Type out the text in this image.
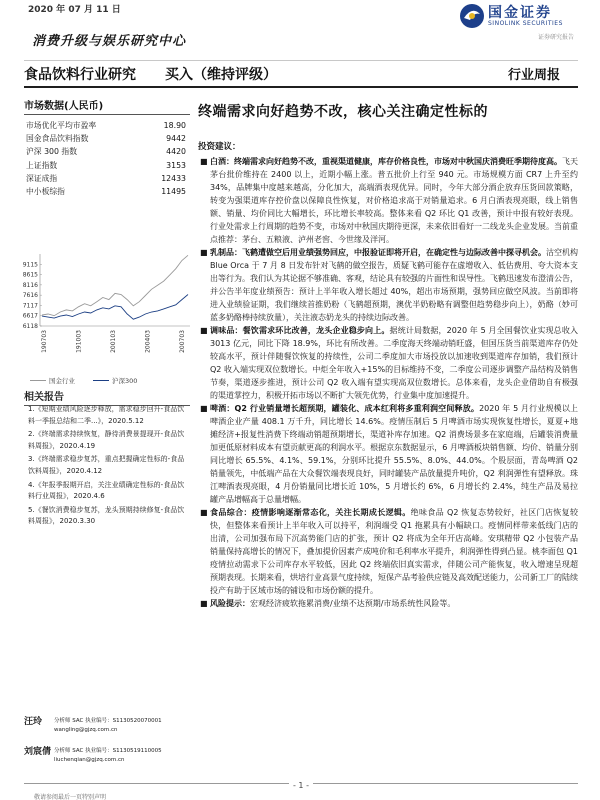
2020 年 07 月 11 日
消费升级与娱乐研究中心
国金证券
SINOLINK SECURITIES
证券研究报告
食品饮料行业研究 买入（维持评级）	行业周报
市场数据(人民币)
市场优化平均市盈率	18.90
国金食品饮料指数	9442
沪深 300 指数	4420
上证指数	3153
深证成指	12433
中小板综指	11495
9115
8615
8116
7616
7117
6617
6118
190703	191003	200103	200403	200703
国金行业	沪深300
相关报告
1.《短期业绩风险逐步释放，需求稳步回升-食品饮料一季报总结和二季...》，2020.5.12
2.《终端需求持续恢复，静待消费景提现开-食品饮料周报》，2020.4.19
3.《终端需求稳步复苏，重点把握确定性标的-食品饮料周报》，2020.4.12
4.《年报季报期开启，关注业绩确定性标的-食品饮料行业周报》，2020.4.6
5.《餐饮消费稳步复苏，龙头预期持续修复-食品饮料周报》，2020.3.30
汪玲 分析师 SAC 执业编号：S1130520070001
wangling@gjzq.com.cn
刘宸倩 分析师 SAC 执业编号：S1130519110005
liuchenqian@gjzq.com.cn
终端需求向好趋势不改，核心关注确定性标的
投资建议：
■ 白酒：终端需求向好趋势不改，重视渠道健康，库存价格良性，市场对中秋国庆消费旺季期待度高。飞天茅台批价维持在 2400 以上，近期小幅上涨。普五批价上行至 940 元。市场规模方面 CR7 上升至约 34%，品牌集中度越来越高，分化加大，高端酒表现优异。同时，今年大部分酒企放弃压货回款策略，转变为强渠道库存控价盘以保障良性恢复，对价格追求高于对销量追求。6 月白酒表现亮眼，线上销售额、销量、均价同比大幅增长，环比增长率较高。整体来看 Q2 环比 Q1 改善，预计中报有较好表现。行业处需求上行周期的趋势不变，市场对中秋国庆期待更深，未来依旧看好一二线龙头企业发展。当前重点推荐：茅台、五粮液、泸州老窖、今世缘及洋河。
■ 乳制品：飞鹤遭做空后用业绩强势回应，中报验证即将开启，在确定性与边际改善中探寻机会。沽空机构 Blue Orca 于 7 月 8 日发布针对飞鹤的做空报告，质疑飞鹤可能存在虚增收入、低估费用、夸大资本支出等行为。我们认为其论据不够准确、客观，结论具有较强的片面性和误导性。飞鹤迅速发布澄清公告，并公告半年度业绩预告：预计上半年收入增长超过 40%，超出市场预期，强势回应做空风波。当前即将进入业绩验证期，我们继续首推奶粉（飞鹤超预期，澳优半奶粉略有调整但趋势稳步向上），奶酪（妙可蓝多奶酪棒持续放量），关注液态奶龙头的持续边际改善。
■ 调味品：餐饮需求环比改善，龙头企业稳步向上。据统计局数据，2020 年 5 月全国餐饮业实现总收入 3013 亿元，同比下降 18.9%，环比有所改善。二季度海天终端动销旺盛，但国压货当前渠道库存仍处较高水平，预计伴随餐饮恢复的持续性，公司二季度加大市场投放以加速收到渠道库存加销，我们预计 Q2 收入端实现双位数增长。中炬全年收入+15%的目标维持不变，二季度公司逐步调整产品结构及销售节奏，渠道逐步推进，预计公司 Q2 收入端有望实现高双位数增长。总体来看，龙头企业借助自有极强的渠道掌控力，积极开拓市场以不断扩大领先优势，行业集中度加速提升。
■ 啤酒：Q2 行业销量增长超预期，罐装化、成本红利将多重利润空间释放。2020 年 5 月行业规模以上啤酒企业产量 408.1 万千升，同比增长 14.6%。疫情压制后 5 月啤酒市场实现恢复性增长，夏夏+地摊经济+报复性消费下终端动销超预期增长，渠道补库存加速。Q2 消费场景多在家庭端，后罐装消费量加更低原材料成本有望贡献更高的利润水平。根据京东数据显示，6 月啤酒板块销售额、均价、销量分别同比增长 65.5%、4.1%、59.1%，分别环比提升 55.5%、8.0%、44.0%。个股层面，青岛啤酒 Q2 销量领先，中低端产品在大众餐饮端表现良好，同时罐装产品放量提升吨价，Q2 利润弹性有望释放。珠江啤酒表现亮眼，4 月份销量同比增长近 10%，5 月增长约 6%，6 月增长约 2.4%，纯生产品及易拉罐产品增幅高于总量增幅。
■ 食品综合：疫情影响逐渐常态化，关注长期成长逻辑。绝味食品 Q2 恢复态势较好，社区门店恢复较快，但整体来看预计上半年收入可以持平，利润端受 Q1 拖累具有小幅缺口。疫情同样带来低线门店的出清，公司加强布局下沉高势能门店的扩张，预计 Q2 将成为全年开店高峰。安琪精带 Q2 小包装产品销量保持高增长的情况下，叠加提价因素产成吨价和毛利率水平提升，利润弹性得到凸显。桃李面包 Q1 疫情拉动需求下公司库存水平较低，因此 Q2 终端依旧真实需求，伴随公司产能恢复，收入增速呈现超预期表现。长期来看，烘培行业高景气度持续，短保产品考验供应链及高效配送能力，公司新工厂的陆续投产有助于区域市场的铺设和市场份额的提升。
■ 风险提示：宏观经济疲软拖累消费/业绩不达预期/市场系统性风险等。
- 1 -
敬请参阅最后一页特别声明
